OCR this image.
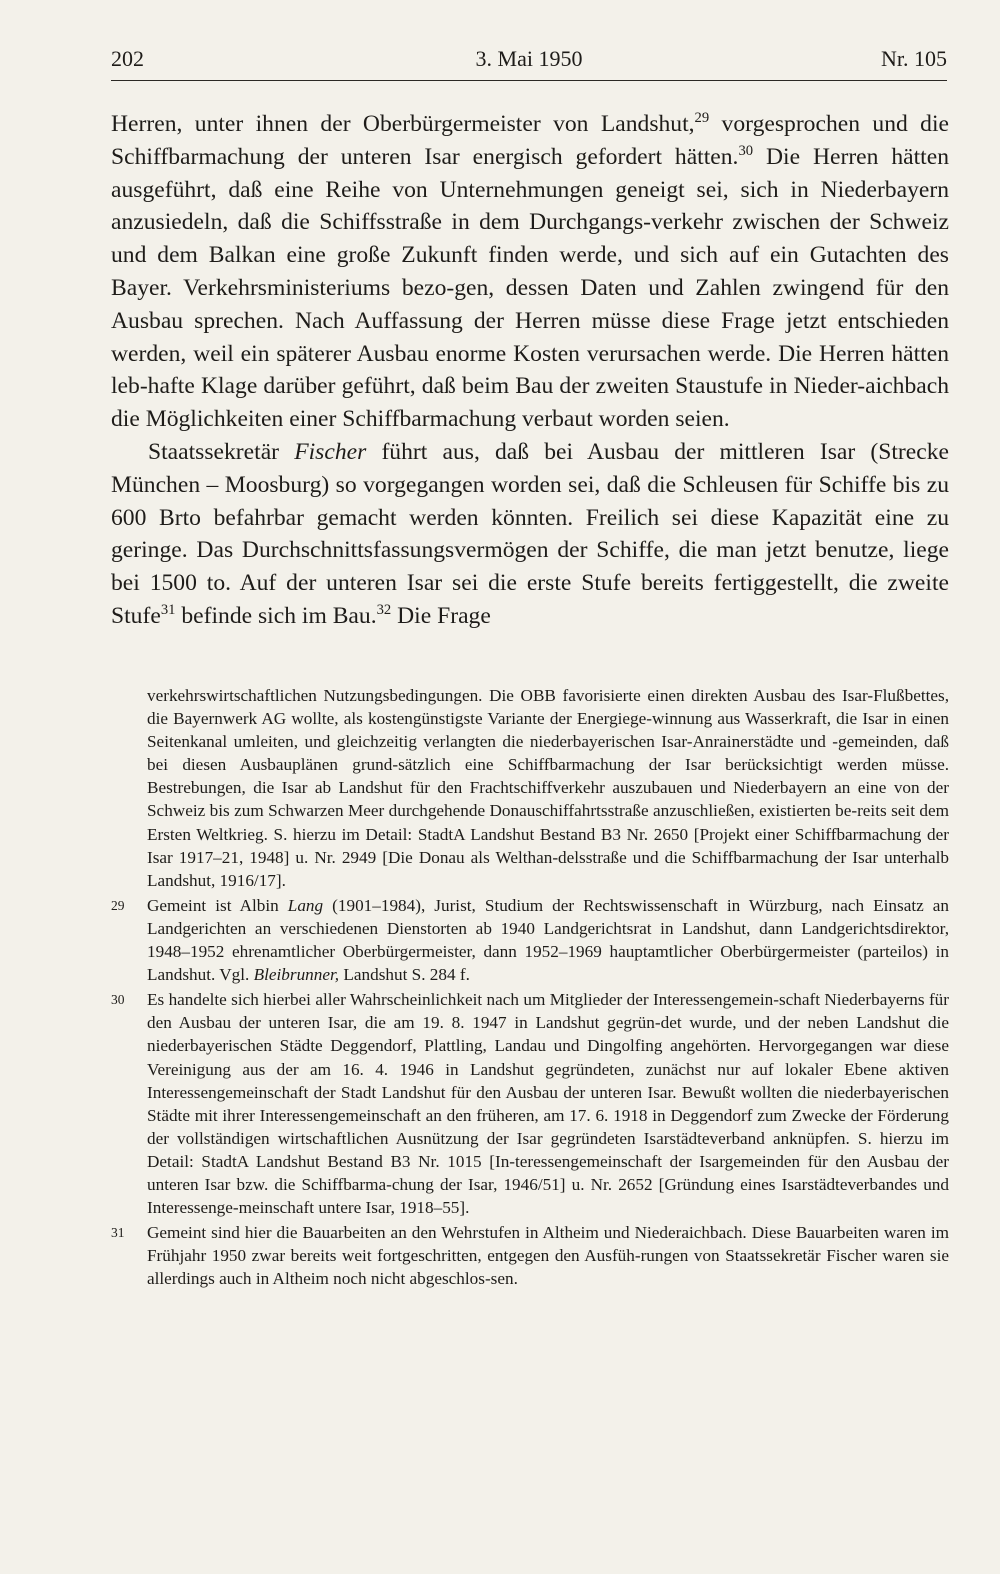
202	3. Mai 1950	Nr. 105

Herren, unter ihnen der Oberbürgermeister von Landshut,$^{29}$ vorgesprochen und die Schiffbarmachung der unteren Isar energisch gefordert hätten.$^{30}$ Die Herren hätten ausgeführt, daß eine Reihe von Unternehmungen geneigt sei, sich in Niederbayern anzusiedeln, daß die Schiffsstraße in dem Durchgangs-verkehr zwischen der Schweiz und dem Balkan eine große Zukunft finden werde, und sich auf ein Gutachten des Bayer. Verkehrsministeriums bezo-gen, dessen Daten und Zahlen zwingend für den Ausbau sprechen. Nach Auffassung der Herren müsse diese Frage jetzt entschieden werden, weil ein späterer Ausbau enorme Kosten verursachen werde. Die Herren hätten leb-hafte Klage darüber geführt, daß beim Bau der zweiten Staustufe in Nieder-aichbach die Möglichkeiten einer Schiffbarmachung verbaut worden seien.

Staatssekretär Fischer führt aus, daß bei Ausbau der mittleren Isar (Strecke München – Moosburg) so vorgegangen worden sei, daß die Schleusen für Schiffe bis zu 600 Brto befahrbar gemacht werden könnten. Freilich sei diese Kapazität eine zu geringe. Das Durchschnittsfassungsvermögen der Schiffe, die man jetzt benutze, liege bei 1500 to. Auf der unteren Isar sei die erste Stufe bereits fertiggestellt, die zweite Stufe$^{31}$ befinde sich im Bau.$^{32}$ Die Frage

verkehrswirtschaftlichen Nutzungsbedingungen. Die OBB favorisierte einen direkten Ausbau des Isar-Flußbettes, die Bayernwerk AG wollte, als kostengünstigste Variante der Energiege-winnung aus Wasserkraft, die Isar in einen Seitenkanal umleiten, und gleichzeitig verlangten die niederbayerischen Isar-Anrainerstädte und -gemeinden, daß bei diesen Ausbauplänen grund-sätzlich eine Schiffbarmachung der Isar berücksichtigt werden müsse. Bestrebungen, die Isar ab Landshut für den Frachtschiffverkehr auszubauen und Niederbayern an eine von der Schweiz bis zum Schwarzen Meer durchgehende Donauschiffahrtsstraße anzuschließen, existierten be-reits seit dem Ersten Weltkrieg. S. hierzu im Detail: StadtA Landshut Bestand B3 Nr. 2650 [Projekt einer Schiffbarmachung der Isar 1917–21, 1948] u. Nr. 2949 [Die Donau als Welthan-delsstraße und die Schiffbarmachung der Isar unterhalb Landshut, 1916/17].

29 Gemeint ist Albin Lang (1901–1984), Jurist, Studium der Rechtswissenschaft in Würzburg, nach Einsatz an Landgerichten an verschiedenen Dienstorten ab 1940 Landgerichtsrat in Landshut, dann Landgerichtsdirektor, 1948–1952 ehrenamtlicher Oberbürgermeister, dann 1952–1969 hauptamtlicher Oberbürgermeister (parteilos) in Landshut. Vgl. Bleibrunner, Landshut S. 284 f.

30 Es handelte sich hierbei aller Wahrscheinlichkeit nach um Mitglieder der Interessengemein-schaft Niederbayerns für den Ausbau der unteren Isar, die am 19. 8. 1947 in Landshut gegrün-det wurde, und der neben Landshut die niederbayerischen Städte Deggendorf, Plattling, Landau und Dingolfing angehörten. Hervorgegangen war diese Vereinigung aus der am 16. 4. 1946 in Landshut gegründeten, zunächst nur auf lokaler Ebene aktiven Interessengemeinschaft der Stadt Landshut für den Ausbau der unteren Isar. Bewußt wollten die niederbayerischen Städte mit ihrer Interessengemeinschaft an den früheren, am 17. 6. 1918 in Deggendorf zum Zwecke der Förderung der vollständigen wirtschaftlichen Ausnützung der Isar gegründeten Isarstädteverband anknüpfen. S. hierzu im Detail: StadtA Landshut Bestand B3 Nr. 1015 [In-teressengemeinschaft der Isargemeinden für den Ausbau der unteren Isar bzw. die Schiffbarma-chung der Isar, 1946/51] u. Nr. 2652 [Gründung eines Isarstädteverbandes und Interessenge-meinschaft untere Isar, 1918–55].

31 Gemeint sind hier die Bauarbeiten an den Wehrstufen in Altheim und Niederaichbach. Diese Bauarbeiten waren im Frühjahr 1950 zwar bereits weit fortgeschritten, entgegen den Ausfüh-rungen von Staatssekretär Fischer waren sie allerdings auch in Altheim noch nicht abgeschlos-sen.
